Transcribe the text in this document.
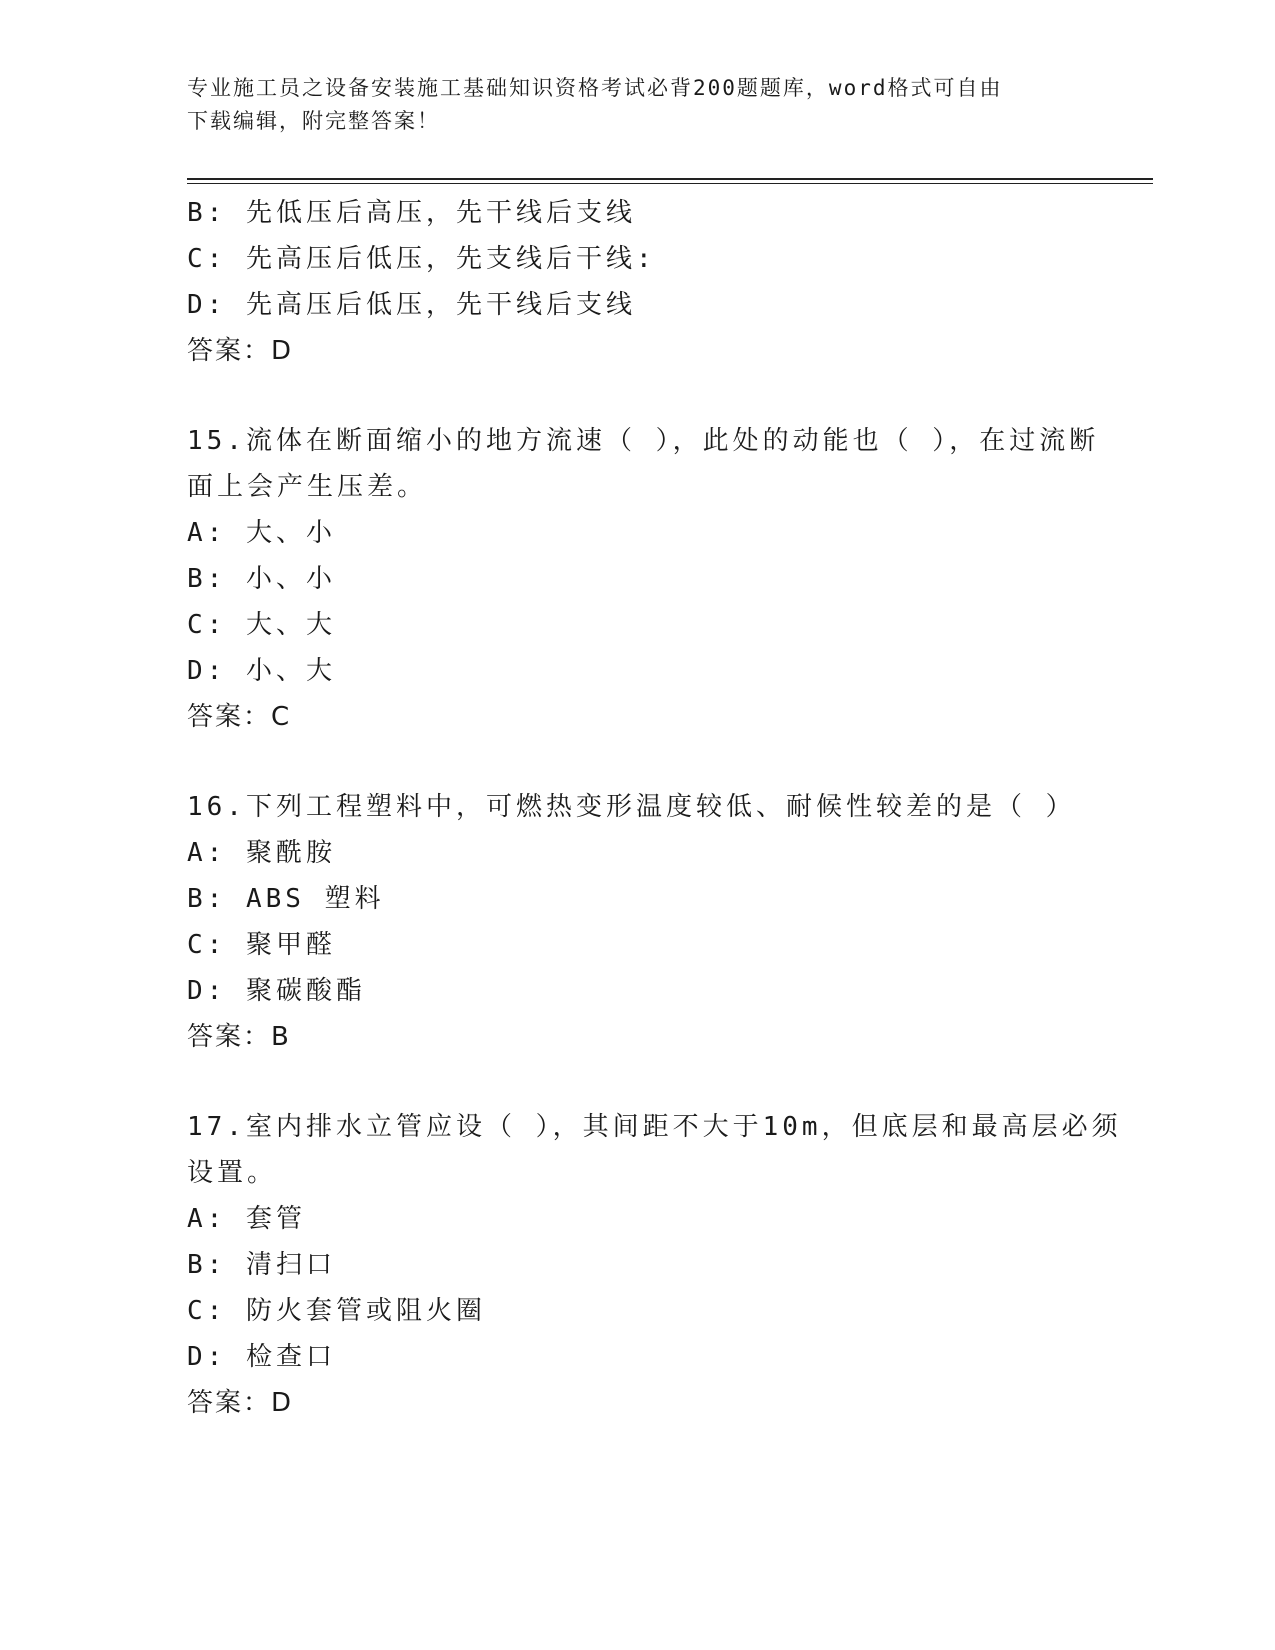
专业施工员之设备安装施工基础知识资格考试必背200题题库，word格式可自由
下载编辑，附完整答案！
B: 先低压后高压，先干线后支线
C: 先高压后低压，先支线后干线:
D: 先高压后低压，先干线后支线
答案：D
15.流体在断面缩小的地方流速（ ），此处的动能也（ ），在过流断
面上会产生压差。
A: 大、小
B: 小、小
C: 大、大
D: 小、大
答案：C
16.下列工程塑料中，可燃热变形温度较低、耐候性较差的是（ ）
A: 聚酰胺
B: ABS 塑料
C: 聚甲醛
D: 聚碳酸酯
答案：B
17.室内排水立管应设（ ），其间距不大于10m，但底层和最高层必须
设置。
A: 套管
B: 清扫口
C: 防火套管或阻火圈
D: 检查口
答案：D
